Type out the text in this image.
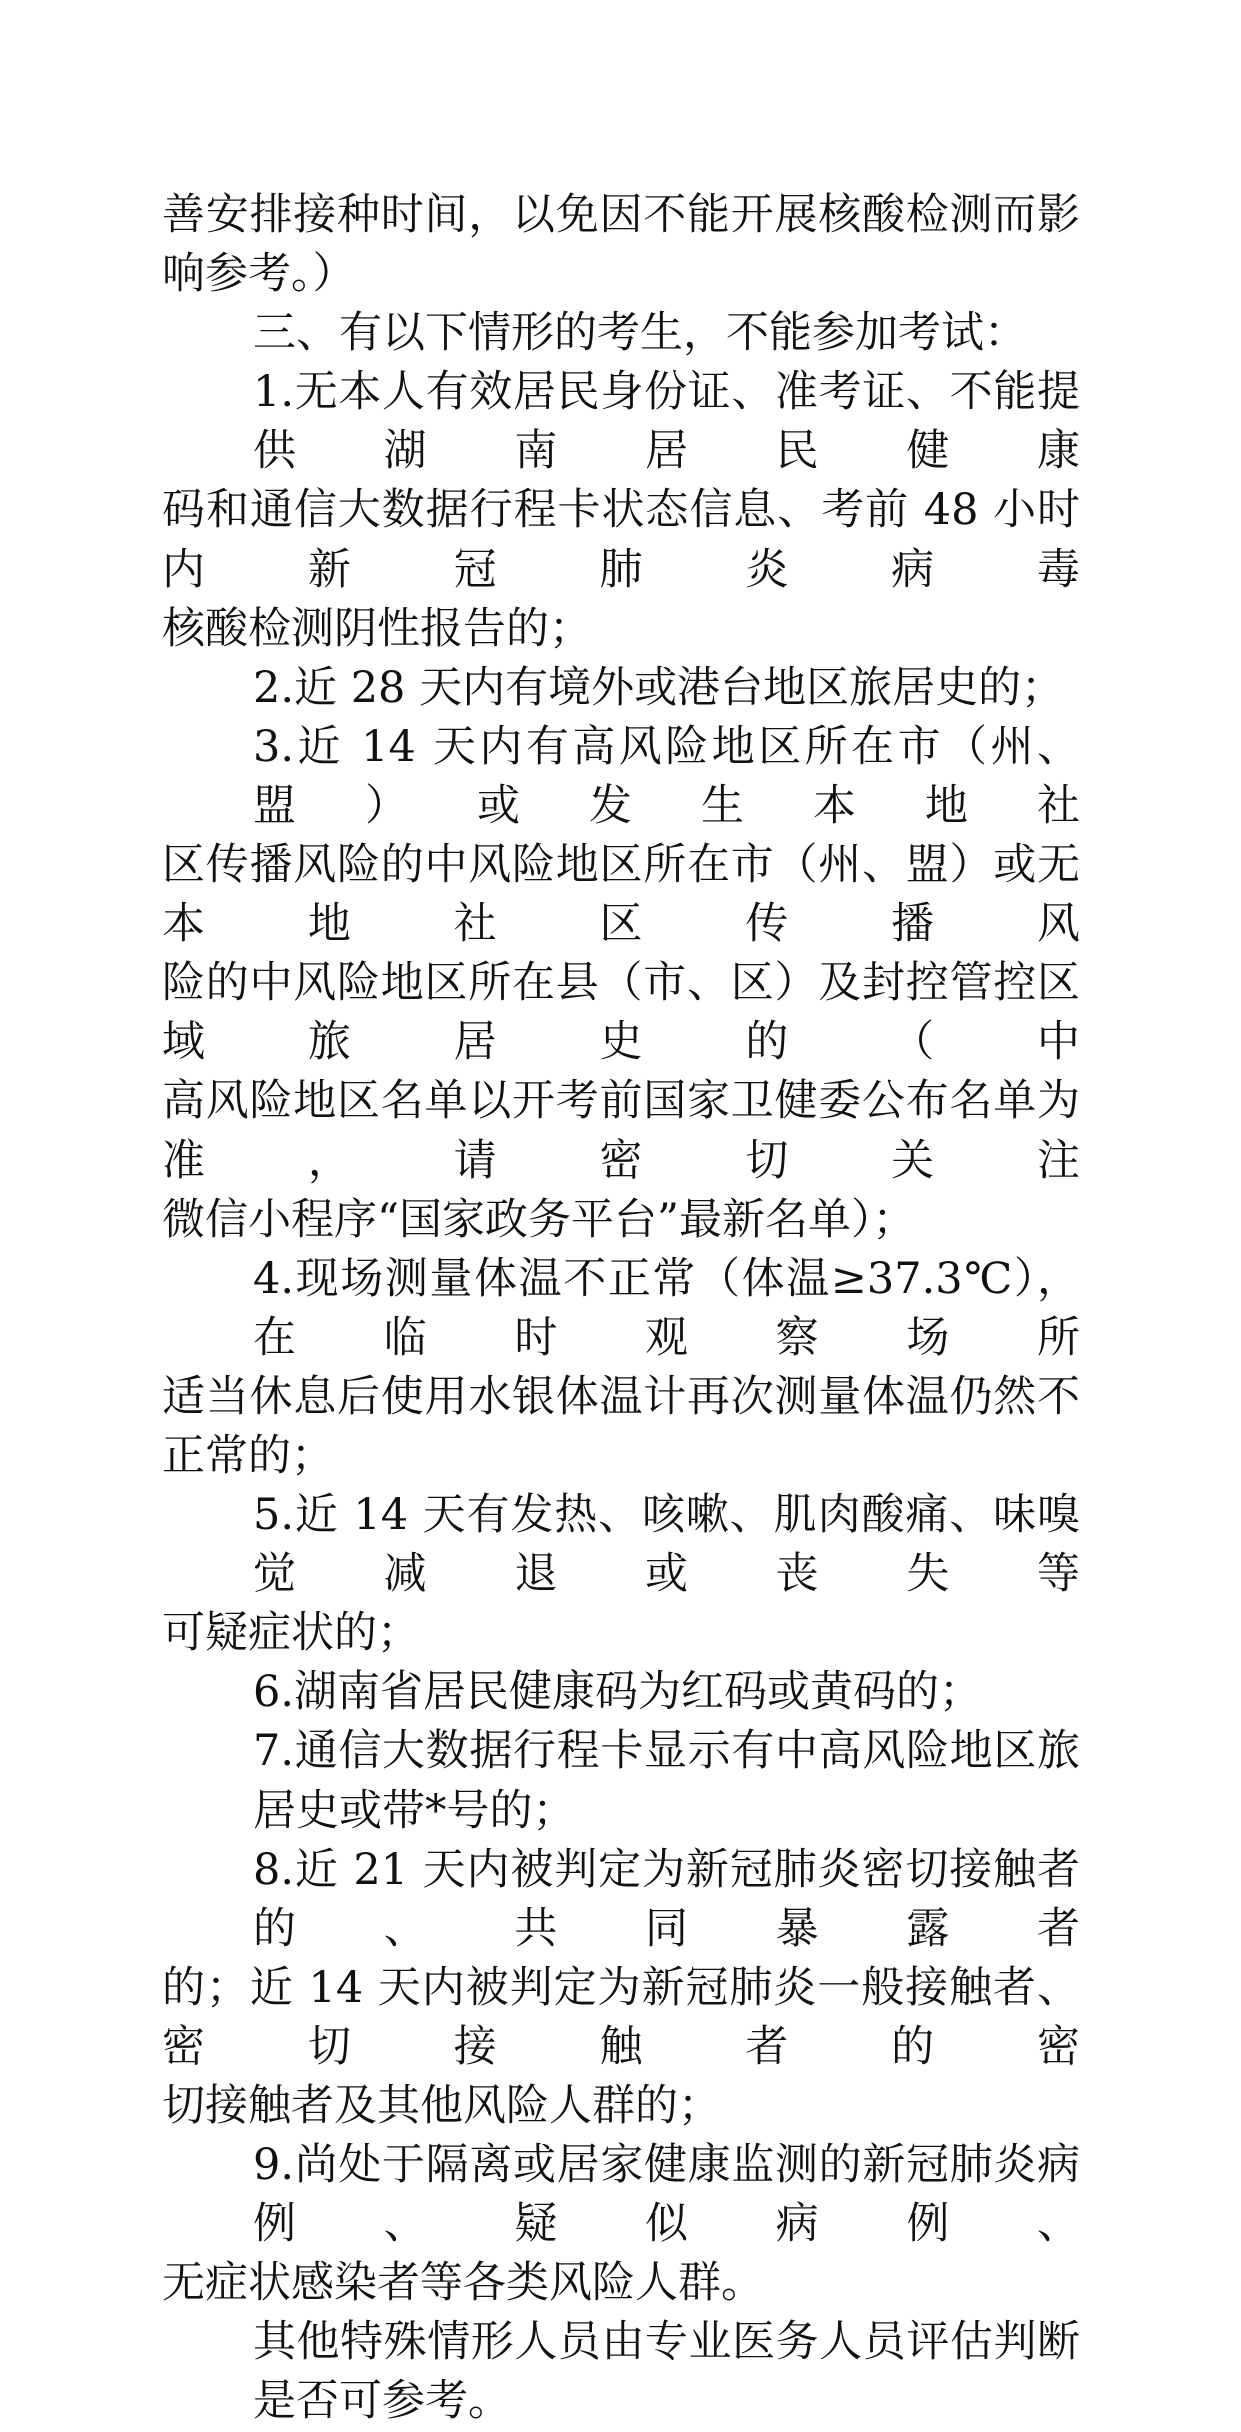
善安排接种时间，以免因不能开展核酸检测而影响参考。）
三、有以下情形的考生，不能参加考试：
1.无本人有效居民身份证、准考证、不能提供湖南居民健康
码和通信大数据行程卡状态信息、考前 48 小时内新冠肺炎病毒
核酸检测阴性报告的；
2.近 28 天内有境外或港台地区旅居史的；
3.近 14 天内有高风险地区所在市（州、盟）或发生本地社
区传播风险的中风险地区所在市（州、盟）或无本地社区传播风
险的中风险地区所在县（市、区）及封控管控区域旅居史的（中
高风险地区名单以开考前国家卫健委公布名单为准，请密切关注
微信小程序“国家政务平台”最新名单）；
4.现场测量体温不正常（体温≥37.3℃），在临时观察场所
适当休息后使用水银体温计再次测量体温仍然不正常的；
5.近 14 天有发热、咳嗽、肌肉酸痛、味嗅觉减退或丧失等
可疑症状的；
6.湖南省居民健康码为红码或黄码的；
7.通信大数据行程卡显示有中高风险地区旅居史或带*号的；
8.近 21 天内被判定为新冠肺炎密切接触者的、共同暴露者
的；近 14 天内被判定为新冠肺炎一般接触者、密切接触者的密
切接触者及其他风险人群的；
9.尚处于隔离或居家健康监测的新冠肺炎病例、疑似病例、
无症状感染者等各类风险人群。
其他特殊情形人员由专业医务人员评估判断是否可参考。
